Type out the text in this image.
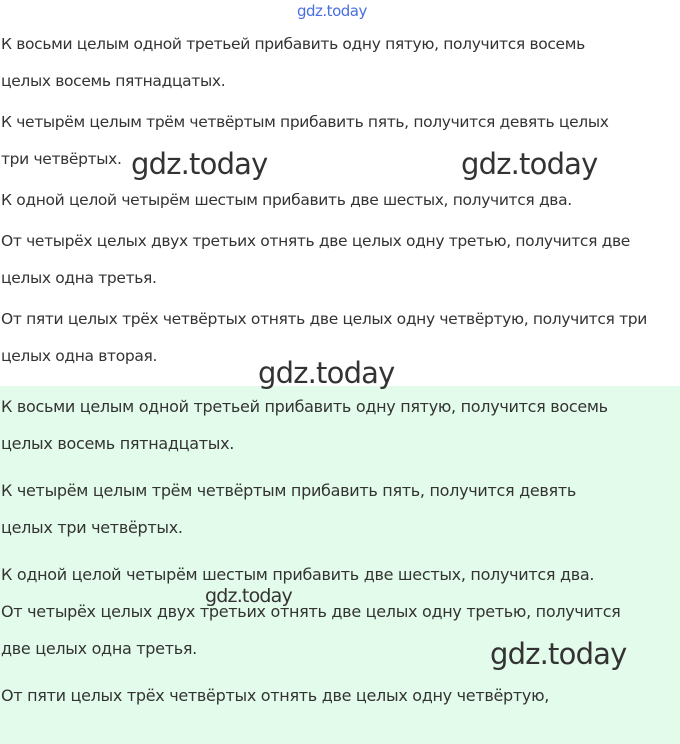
gdz.today

К восьми целым одной третьей прибавить одну пятую, получится восемь
целых восемь пятнадцатых.

К четырём целым трём четвёртым прибавить пять, получится девять целых
три четвёртых.

К одной целой четырём шестым прибавить две шестых, получится два.

От четырёх целых двух третьих отнять две целых одну третью, получится две
целых одна третья.

От пяти целых трёх четвёртых отнять две целых одну четвёртую, получится три
целых одна вторая.

К восьми целым одной третьей прибавить одну пятую, получится восемь
целых восемь пятнадцатых.

К четырём целым трём четвёртым прибавить пять, получится девять
целых три четвёртых.

К одной целой четырём шестым прибавить две шестых, получится два.

От четырёх целых двух третьих отнять две целых одну третью, получится
две целых одна третья.

От пяти целых трёх четвёртых отнять две целых одну четвёртую,

gdz.today	gdz.today
gdz.today
gdz.today
gdz.today
